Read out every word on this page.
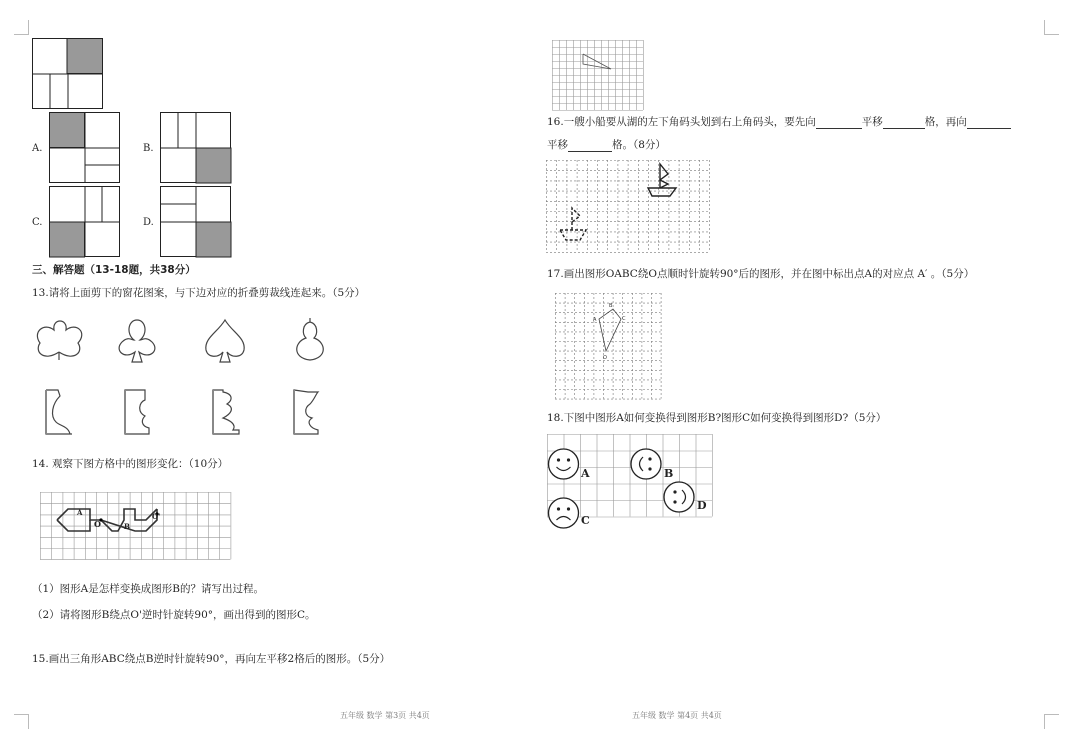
A.	B.
C.	D.
三、解答题（13-18题，共38分）
13.请将上面剪下的窗花图案，与下边对应的折叠剪裁线连起来。（5分）
14. 观察下图方格中的图形变化：（10分）
A
O	B
O'
（1）图形A是怎样变换成图形B的？请写出过程。
（2）请将图形B绕点O'逆时针旋转90°，画出得到的图形C。
15.画出三角形ABC绕点B逆时针旋转90°，再向左平移2格后的图形。（5分）
五年级 数学 第3页 共4页
16.一艘小船要从湖的左下角码头划到右上角码头，要先向	平移	格，再向
平移	格。（8分）
17.画出图形OABC绕O点顺时针旋转90°后的图形，并在图中标出点A的对应点 A′ 。（5分）
O
A
B
C
18.下图中图形A如何变换得到图形B?图形C如何变换得到图形D?（5分）
A	B
C
D
五年级 数学 第4页 共4页
